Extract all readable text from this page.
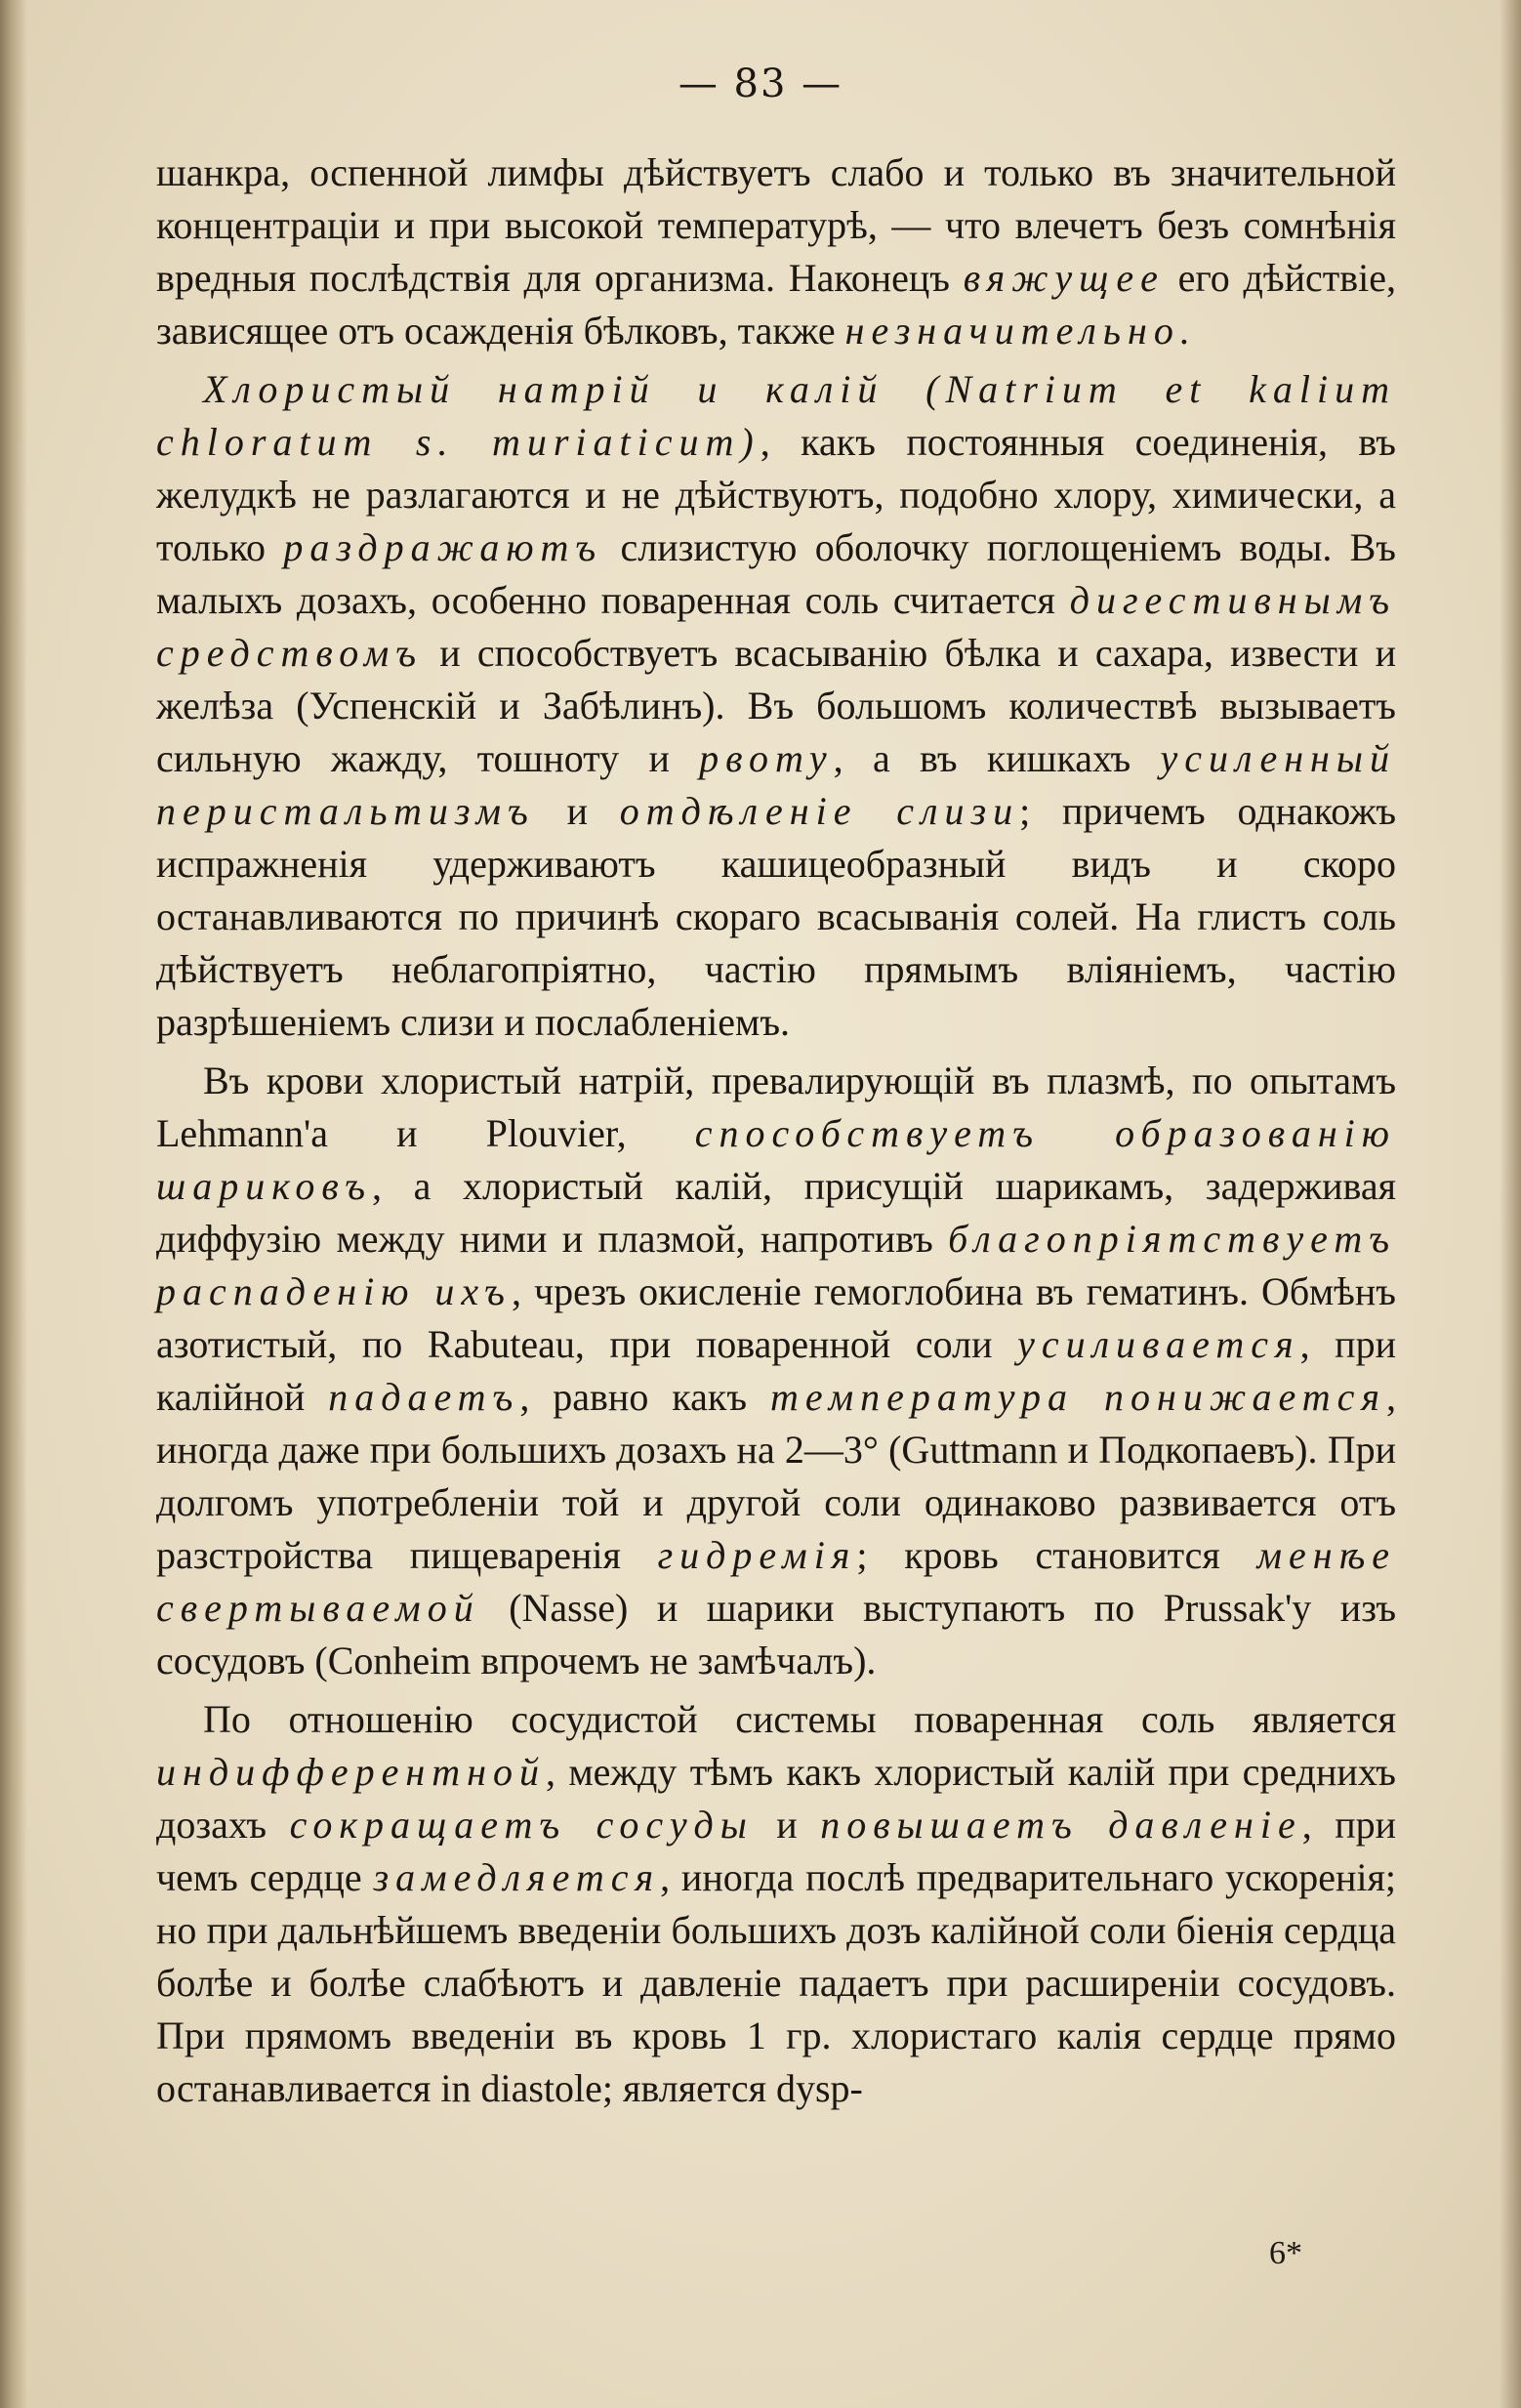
— 83 —

шанкра, оспенной лимфы дѣйствуетъ слабо и только въ значительной концентраціи и при высокой температурѣ, — что влечетъ безъ сомнѣнія вредныя послѣдствія для организма. Наконецъ вяжущее его дѣйствіе, зависящее отъ осажденія бѣлковъ, также незначительно.

Хлористый натрій и калій (Natrium et kalium chloratum s. muriaticum), какъ постоянныя соединенія, въ желудкѣ не разлагаются и не дѣйствуютъ, подобно хлору, химически, а только раздражаютъ слизистую оболочку поглощеніемъ воды. Въ малыхъ дозахъ, особенно поваренная соль считается дигестивнымъ средствомъ и способствуетъ всасыванію бѣлка и сахара, извести и желѣза (Успенскій и Забѣлинъ). Въ большомъ количествѣ вызываетъ сильную жажду, тошноту и рвоту, а въ кишкахъ усиленный перистальтизмъ и отдѣленіе слизи; причемъ однакожъ испражненія удерживаютъ кашицеобразный видъ и скоро останавливаются по причинѣ скораго всасыванія солей. На глистъ соль дѣйствуетъ неблагопріятно, частію прямымъ вліяніемъ, частію разрѣшеніемъ слизи и послабленіемъ.

Въ крови хлористый натрій, превалирующій въ плазмѣ, по опытамъ Lehmann'a и Plouvier, способствуетъ образованію шариковъ, а хлористый калій, присущій шарикамъ, задерживая диффузію между ними и плазмой, напротивъ благопріятствуетъ распаденію ихъ, чрезъ окисленіе гемоглобина въ гематинъ. Обмѣнъ азотистый, по Rabuteau, при поваренной соли усиливается, при калійной падаетъ, равно какъ температура понижается, иногда даже при большихъ дозахъ на 2—3° (Guttmann и Подкопаевъ). При долгомъ употребленіи той и другой соли одинаково развивается отъ разстройства пищеваренія гидремія; кровь становится менѣе свертываемой (Nasse) и шарики выступаютъ по Prussak'у изъ сосудовъ (Conheim впрочемъ не замѣчалъ).

По отношенію сосудистой системы поваренная соль является индифферентной, между тѣмъ какъ хлористый калій при среднихъ дозахъ сокращаетъ сосуды и повышаетъ давленіе, при чемъ сердце замедляется, иногда послѣ предварительнаго ускоренія; но при дальнѣйшемъ введеніи большихъ дозъ калійной соли біенія сердца болѣе и болѣе слабѣютъ и давленіе падаетъ при расширеніи сосудовъ. При прямомъ введеніи въ кровь 1 гр. хлористаго калія сердце прямо останавливается in diastole; является dysp-

6*
